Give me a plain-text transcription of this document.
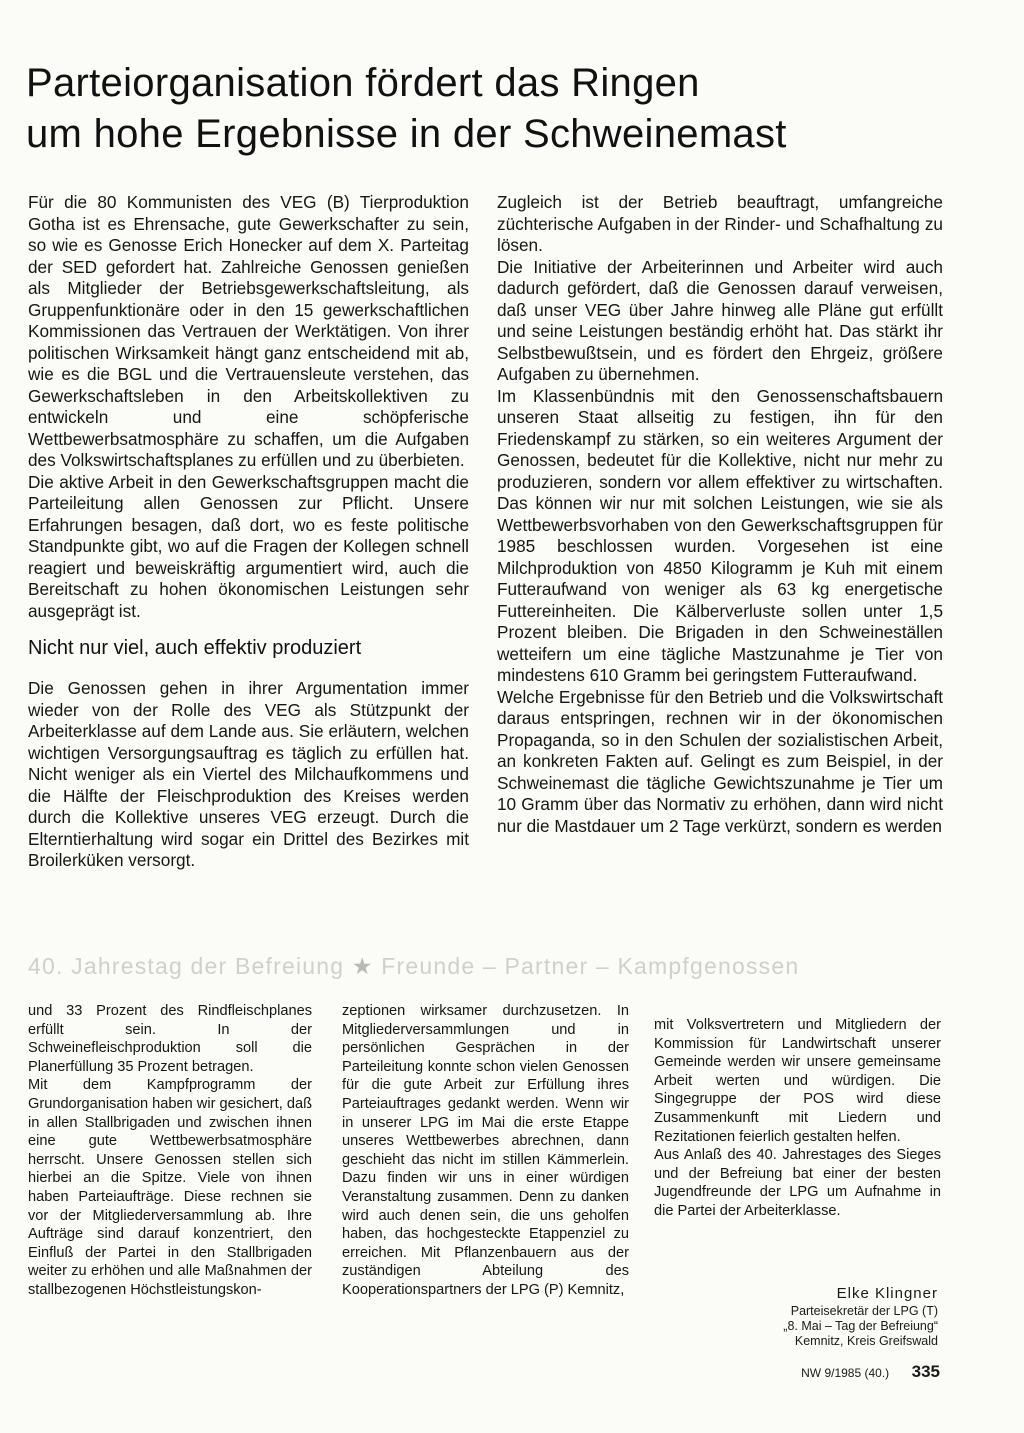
Parteiorganisation fördert das Ringen
um hohe Ergebnisse in der Schweinemast

Für die 80 Kommunisten des VEG (B) Tierproduktion Gotha ist es Ehrensache, gute Gewerkschafter zu sein, so wie es Genosse Erich Honecker auf dem X. Parteitag der SED gefordert hat. Zahlreiche Genossen genießen als Mitglieder der Betriebsgewerkschaftsleitung, als Gruppenfunktionäre oder in den 15 gewerkschaftlichen Kommissionen das Vertrauen der Werktätigen. Von ihrer politischen Wirksamkeit hängt ganz entscheidend mit ab, wie es die BGL und die Vertrauensleute verstehen, das Gewerkschaftsleben in den Arbeitskollektiven zu entwickeln und eine schöpferische Wettbewerbsatmosphäre zu schaffen, um die Aufgaben des Volkswirtschaftsplanes zu erfüllen und zu überbieten.

Die aktive Arbeit in den Gewerkschaftsgruppen macht die Parteileitung allen Genossen zur Pflicht. Unsere Erfahrungen besagen, daß dort, wo es feste politische Standpunkte gibt, wo auf die Fragen der Kollegen schnell reagiert und beweiskräftig argumentiert wird, auch die Bereitschaft zu hohen ökonomischen Leistungen sehr ausgeprägt ist.

Nicht nur viel, auch effektiv produziert

Die Genossen gehen in ihrer Argumentation immer wieder von der Rolle des VEG als Stützpunkt der Arbeiterklasse auf dem Lande aus. Sie erläutern, welchen wichtigen Versorgungsauftrag es täglich zu erfüllen hat. Nicht weniger als ein Viertel des Milchaufkommens und die Hälfte der Fleischproduktion des Kreises werden durch die Kollektive unseres VEG erzeugt. Durch die Elterntierhaltung wird sogar ein Drittel des Bezirkes mit Broilerküken versorgt.

Zugleich ist der Betrieb beauftragt, umfangreiche züchterische Aufgaben in der Rinder- und Schafhaltung zu lösen.

Die Initiative der Arbeiterinnen und Arbeiter wird auch dadurch gefördert, daß die Genossen darauf verweisen, daß unser VEG über Jahre hinweg alle Pläne gut erfüllt und seine Leistungen beständig erhöht hat. Das stärkt ihr Selbstbewußtsein, und es fördert den Ehrgeiz, größere Aufgaben zu übernehmen.

Im Klassenbündnis mit den Genossenschaftsbauern unseren Staat allseitig zu festigen, ihn für den Friedenskampf zu stärken, so ein weiteres Argument der Genossen, bedeutet für die Kollektive, nicht nur mehr zu produzieren, sondern vor allem effektiver zu wirtschaften. Das können wir nur mit solchen Leistungen, wie sie als Wettbewerbsvorhaben von den Gewerkschaftsgruppen für 1985 beschlossen wurden. Vorgesehen ist eine Milchproduktion von 4850 Kilogramm je Kuh mit einem Futteraufwand von weniger als 63 kg energetische Futtereinheiten. Die Kälberverluste sollen unter 1,5 Prozent bleiben. Die Brigaden in den Schweineställen wetteifern um eine tägliche Mastzunahme je Tier von mindestens 610 Gramm bei geringstem Futteraufwand.

Welche Ergebnisse für den Betrieb und die Volkswirtschaft daraus entspringen, rechnen wir in der ökonomischen Propaganda, so in den Schulen der sozialistischen Arbeit, an konkreten Fakten auf. Gelingt es zum Beispiel, in der Schweinemast die tägliche Gewichtszunahme je Tier um 10 Gramm über das Normativ zu erhöhen, dann wird nicht nur die Mastdauer um 2 Tage verkürzt, sondern es werden

40. Jahrestag der Befreiung ★ Freunde – Partner – Kampfgenossen

und 33 Prozent des Rindfleischplanes erfüllt sein. In der Schweinefleischproduktion soll die Planerfüllung 35 Prozent betragen.

Mit dem Kampfprogramm der Grundorganisation haben wir gesichert, daß in allen Stallbrigaden und zwischen ihnen eine gute Wettbewerbsatmosphäre herrscht. Unsere Genossen stellen sich hierbei an die Spitze. Viele von ihnen haben Parteiaufträge. Diese rechnen sie vor der Mitgliederversammlung ab. Ihre Aufträge sind darauf konzentriert, den Einfluß der Partei in den Stallbrigaden weiter zu erhöhen und alle Maßnahmen der stallbezogenen Höchstleistungskon-

zeptionen wirksamer durchzusetzen. In Mitgliederversammlungen und in persönlichen Gesprächen in der Parteileitung konnte schon vielen Genossen für die gute Arbeit zur Erfüllung ihres Parteiauftrages gedankt werden. Wenn wir in unserer LPG im Mai die erste Etappe unseres Wettbewerbes abrechnen, dann geschieht das nicht im stillen Kämmerlein. Dazu finden wir uns in einer würdigen Veranstaltung zusammen. Denn zu danken wird auch denen sein, die uns geholfen haben, das hochgesteckte Etappenziel zu erreichen. Mit Pflanzenbauern aus der zuständigen Abteilung des Kooperationspartners der LPG (P) Kemnitz,

mit Volksvertretern und Mitgliedern der Kommission für Landwirtschaft unserer Gemeinde werden wir unsere gemeinsame Arbeit werten und würdigen. Die Singegruppe der POS wird diese Zusammenkunft mit Liedern und Rezitationen feierlich gestalten helfen.

Aus Anlaß des 40. Jahrestages des Sieges und der Befreiung bat einer der besten Jugendfreunde der LPG um Aufnahme in die Partei der Arbeiterklasse.

Elke Klingner
Parteisekretär der LPG (T)
„8. Mai – Tag der Befreiung“
Kemnitz, Kreis Greifswald
NW 9/1985 (40.) 335
